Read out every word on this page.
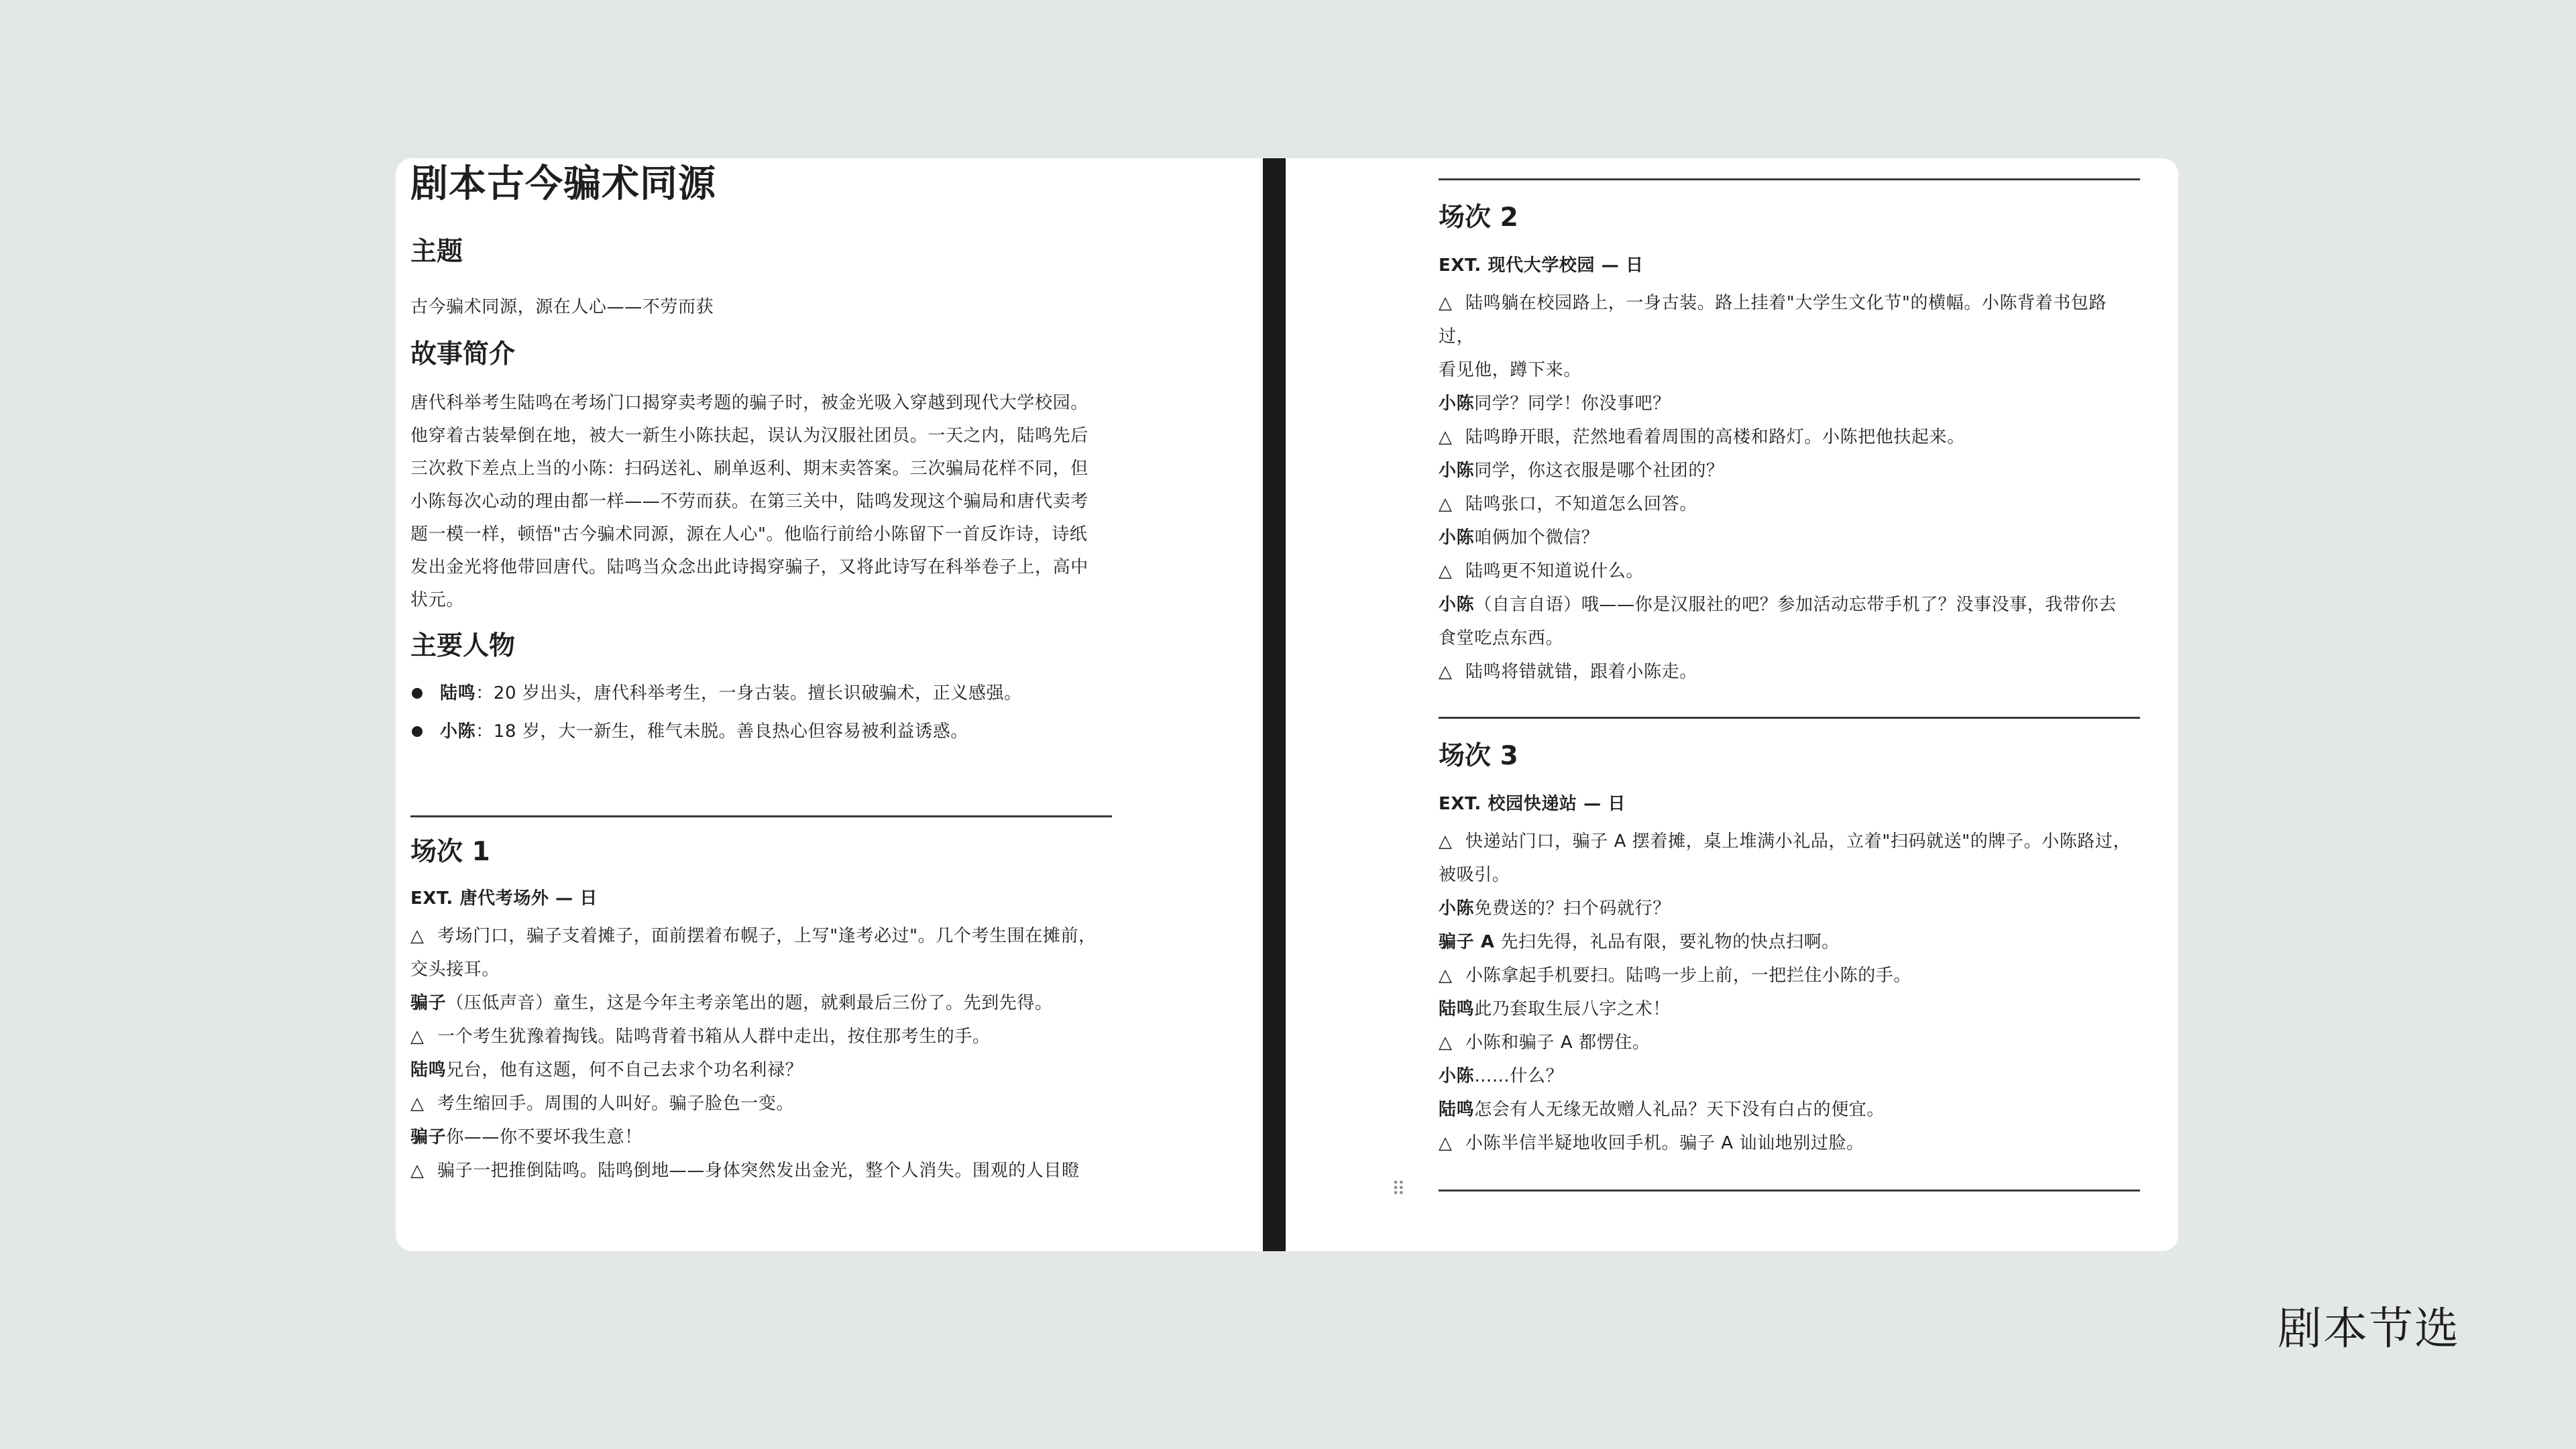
剧本古今骗术同源
主题

古今骗术同源，源在人心——不劳而获

故事简介

唐代科举考生陆鸣在考场门口揭穿卖考题的骗子时，被金光吸入穿越到现代大学校园。

他穿着古装晕倒在地，被大一新生小陈扶起，误认为汉服社团员。一天之内，陆鸣先后

三次救下差点上当的小陈：扫码送礼、刷单返利、期末卖答案。三次骗局花样不同，但

小陈每次心动的理由都一样——不劳而获。在第三关中，陆鸣发现这个骗局和唐代卖考

题一模一样，顿悟"古今骗术同源，源在人心"。他临行前给小陈留下一首反诈诗，诗纸

发出金光将他带回唐代。陆鸣当众念出此诗揭穿骗子，又将此诗写在科举卷子上，高中

状元。

主要人物
陆鸣：20 岁出头，唐代科举考生，一身古装。擅长识破骗术，正义感强。
小陈：18 岁，大一新生，稚气未脱。善良热心但容易被利益诱惑。
场次 1

EXT. 唐代考场外 — 日

△ 考场门口，骗子支着摊子，面前摆着布幌子，上写"逢考必过"。几个考生围在摊前，

交头接耳。

骗子（压低声音）童生，这是今年主考亲笔出的题，就剩最后三份了。先到先得。

△ 一个考生犹豫着掏钱。陆鸣背着书箱从人群中走出，按住那考生的手。

陆鸣兄台，他有这题，何不自己去求个功名利禄？

△ 考生缩回手。周围的人叫好。骗子脸色一变。

骗子你——你不要坏我生意！

△ 骗子一把推倒陆鸣。陆鸣倒地——身体突然发出金光，整个人消失。围观的人目瞪

场次 2

EXT. 现代大学校园 — 日

△ 陆鸣躺在校园路上，一身古装。路上挂着"大学生文化节"的横幅。小陈背着书包路过，

看见他，蹲下来。

小陈同学？同学！你没事吧？

△ 陆鸣睁开眼，茫然地看着周围的高楼和路灯。小陈把他扶起来。

小陈同学，你这衣服是哪个社团的？

△ 陆鸣张口，不知道怎么回答。

小陈咱俩加个微信？

△ 陆鸣更不知道说什么。

小陈（自言自语）哦——你是汉服社的吧？参加活动忘带手机了？没事没事，我带你去

食堂吃点东西。

△ 陆鸣将错就错，跟着小陈走。

场次 3

EXT. 校园快递站 — 日

△ 快递站门口，骗子 A 摆着摊，桌上堆满小礼品，立着"扫码就送"的牌子。小陈路过，

被吸引。

小陈免费送的？扫个码就行？

骗子 A 先扫先得，礼品有限，要礼物的快点扫啊。

△ 小陈拿起手机要扫。陆鸣一步上前，一把拦住小陈的手。

陆鸣此乃套取生辰八字之术！

△ 小陈和骗子 A 都愣住。

小陈……什么？

陆鸣怎会有人无缘无故赠人礼品？天下没有白占的便宜。

△ 小陈半信半疑地收回手机。骗子 A 讪讪地别过脸。

⠿
剧本节选
